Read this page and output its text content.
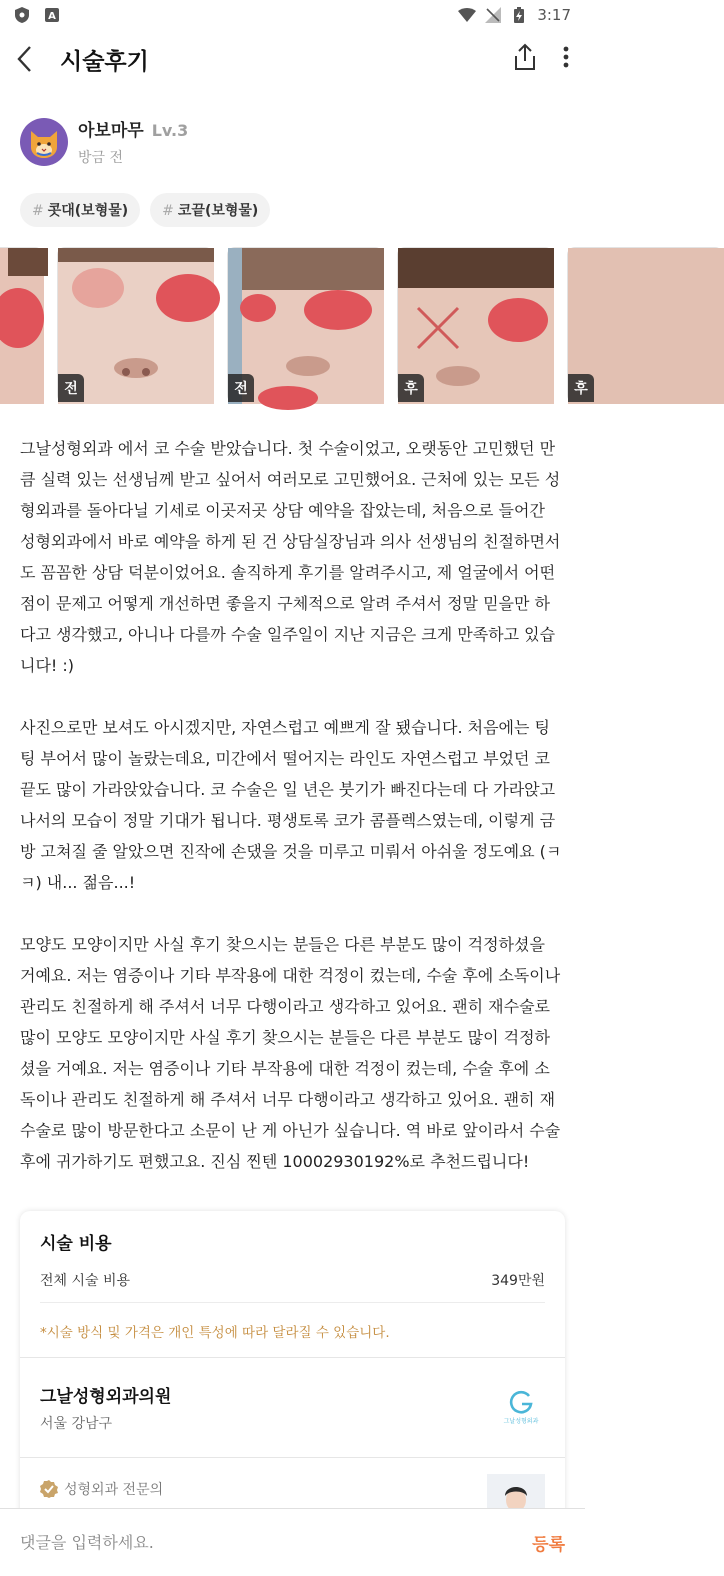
A	3:17
시술후기
아보마무 Lv.3
방금 전
# 콧대(보형물)	# 코끝(보형물)
전	전	후	후

그날성형외과 에서 코 수술 받았습니다. 첫 수술이었고, 오랫동안 고민했던 만큼 실력 있는 선생님께 받고 싶어서 여러모로 고민했어요. 근처에 있는 모든 성형외과를 돌아다닐 기세로 이곳저곳 상담 예약을 잡았는데, 처음으로 들어간 성형외과에서 바로 예약을 하게 된 건 상담실장님과 의사 선생님의 친절하면서도 꼼꼼한 상담 덕분이었어요. 솔직하게 후기를 알려주시고, 제 얼굴에서 어떤 점이 문제고 어떻게 개선하면 좋을지 구체적으로 알려 주셔서 정말 믿을만 하다고 생각했고, 아니나 다를까 수술 일주일이 지난 지금은 크게 만족하고 있습니다! :)

사진으로만 보셔도 아시겠지만, 자연스럽고 예쁘게 잘 됐습니다. 처음에는 팅팅 부어서 많이 놀랐는데요, 미간에서 떨어지는 라인도 자연스럽고 부었던 코끝도 많이 가라앉았습니다. 코 수술은 일 년은 붓기가 빠진다는데 다 가라앉고 나서의 모습이 정말 기대가 됩니다. 평생토록 코가 콤플렉스였는데, 이렇게 금방 고쳐질 줄 알았으면 진작에 손댔을 것을 미루고 미뤄서 아쉬울 정도예요 (ㅋㅋ) 내... 젊음...!

모양도 모양이지만 사실 후기 찾으시는 분들은 다른 부분도 많이 걱정하셨을 거예요. 저는 염증이나 기타 부작용에 대한 걱정이 컸는데, 수술 후에 소독이나 관리도 친절하게 해 주셔서 너무 다행이라고 생각하고 있어요. 괜히 재수술로 많이 모양도 모양이지만 사실 후기 찾으시는 분들은 다른 부분도 많이 걱정하셨을 거예요. 저는 염증이나 기타 부작용에 대한 걱정이 컸는데, 수술 후에 소독이나 관리도 친절하게 해 주셔서 너무 다행이라고 생각하고 있어요. 괜히 재수술로 많이 방문한다고 소문이 난 게 아닌가 싶습니다. 역 바로 앞이라서 수술 후에 귀가하기도 편했고요. 진심 찐텐 10002930192%로 추천드립니다!

시술 비용
전체 시술 비용	349만원
*시술 방식 및 가격은 개인 특성에 따라 달라질 수 있습니다.
그날성형외과의원
서울 강남구	그날성형외과
성형외과 전문의
댓글을 입력하세요.
등록
